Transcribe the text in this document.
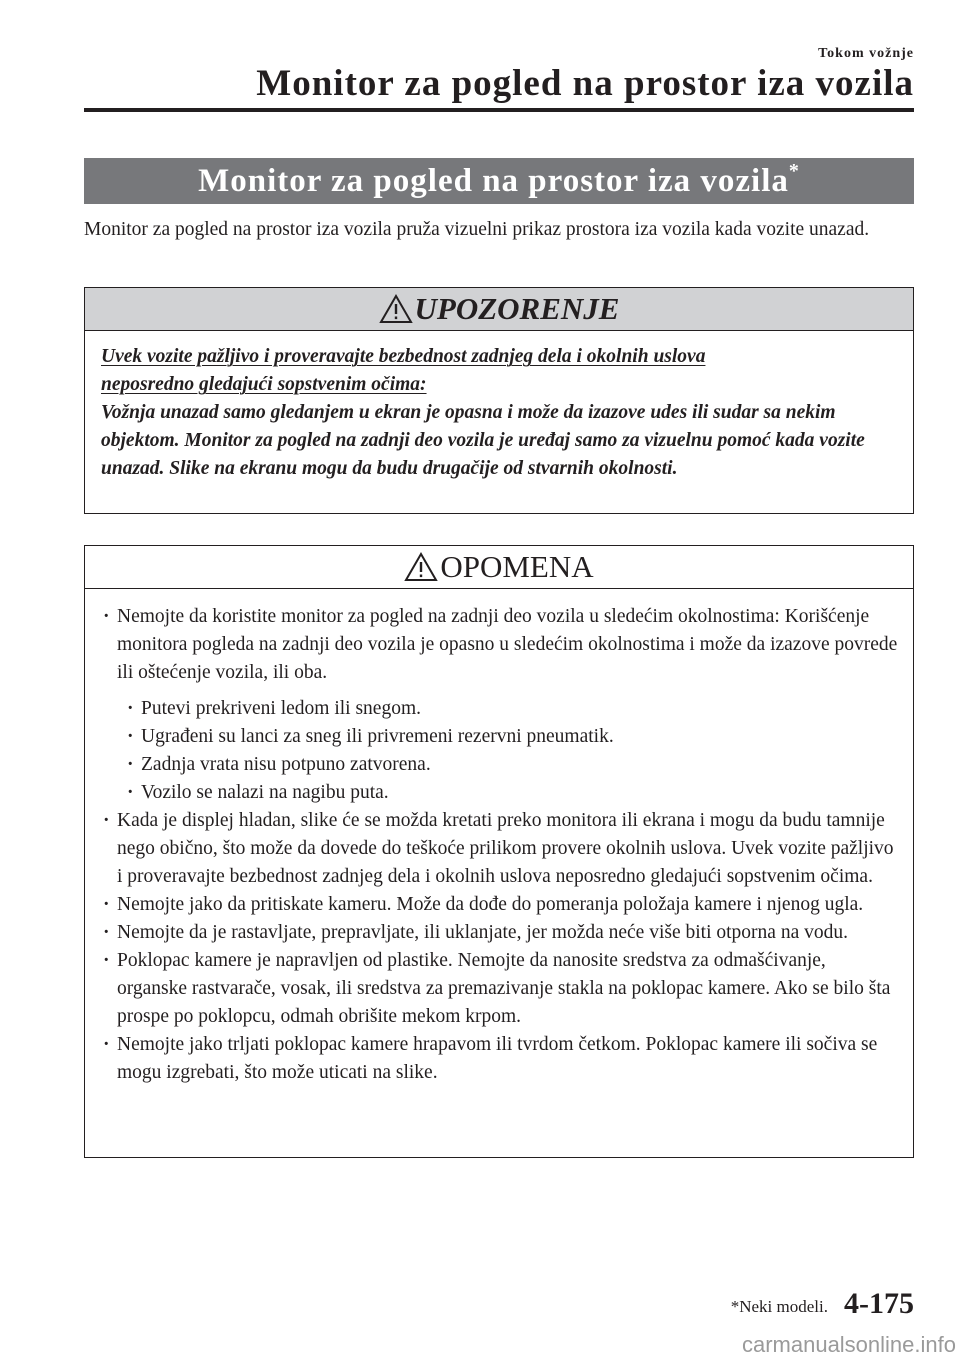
Tokom vožnje
Monitor za pogled na prostor iza vozila
Monitor za pogled na prostor iza vozila*

Monitor za pogled na prostor iza vozila pruža vizuelni prikaz prostora iza vozila kada vozite unazad.

UPOZORENJE
Uvek vozite pažljivo i proveravajte bezbednost zadnjeg dela i okolnih uslova
neposredno gledajući sopstvenim očima:

Vožnja unazad samo gledanjem u ekran je opasna i može da izazove udes ili sudar sa nekim objektom. Monitor za pogled na zadnji deo vozila je uređaj samo za vizuelnu pomoć kada vozite unazad. Slike na ekranu mogu da budu drugačije od stvarnih okolnosti.

OPOMENA
· Nemojte da koristite monitor za pogled na zadnji deo vozila u sledećim okolnostima: Korišćenje monitora pogleda na zadnji deo vozila je opasno u sledećim okolnostima i može da izazove povrede ili oštećenje vozila, ili oba.
· Putevi prekriveni ledom ili snegom.
· Ugrađeni su lanci za sneg ili privremeni rezervni pneumatik.
· Zadnja vrata nisu potpuno zatvorena.
· Vozilo se nalazi na nagibu puta.
· Kada je displej hladan, slike će se možda kretati preko monitora ili ekrana i mogu da budu tamnije nego obično, što može da dovede do teškoće prilikom provere okolnih uslova. Uvek vozite pažljivo i proveravajte bezbednost zadnjeg dela i okolnih uslova neposredno gledajući sopstvenim očima.
· Nemojte jako da pritiskate kameru. Može da dođe do pomeranja položaja kamere i njenog ugla.
· Nemojte da je rastavljate, prepravljate, ili uklanjate, jer možda neće više biti otporna na vodu.
· Poklopac kamere je napravljen od plastike. Nemojte da nanosite sredstva za odmašćivanje, organske rastvarače, vosak, ili sredstva za premazivanje stakla na poklopac kamere. Ako se bilo šta prospe po poklopcu, odmah obrišite mekom krpom.
· Nemojte jako trljati poklopac kamere hrapavom ili tvrdom četkom. Poklopac kamere ili sočiva se mogu izgrebati, što može uticati na slike.
*Neki modeli. 4-175
carmanualsonline.info
